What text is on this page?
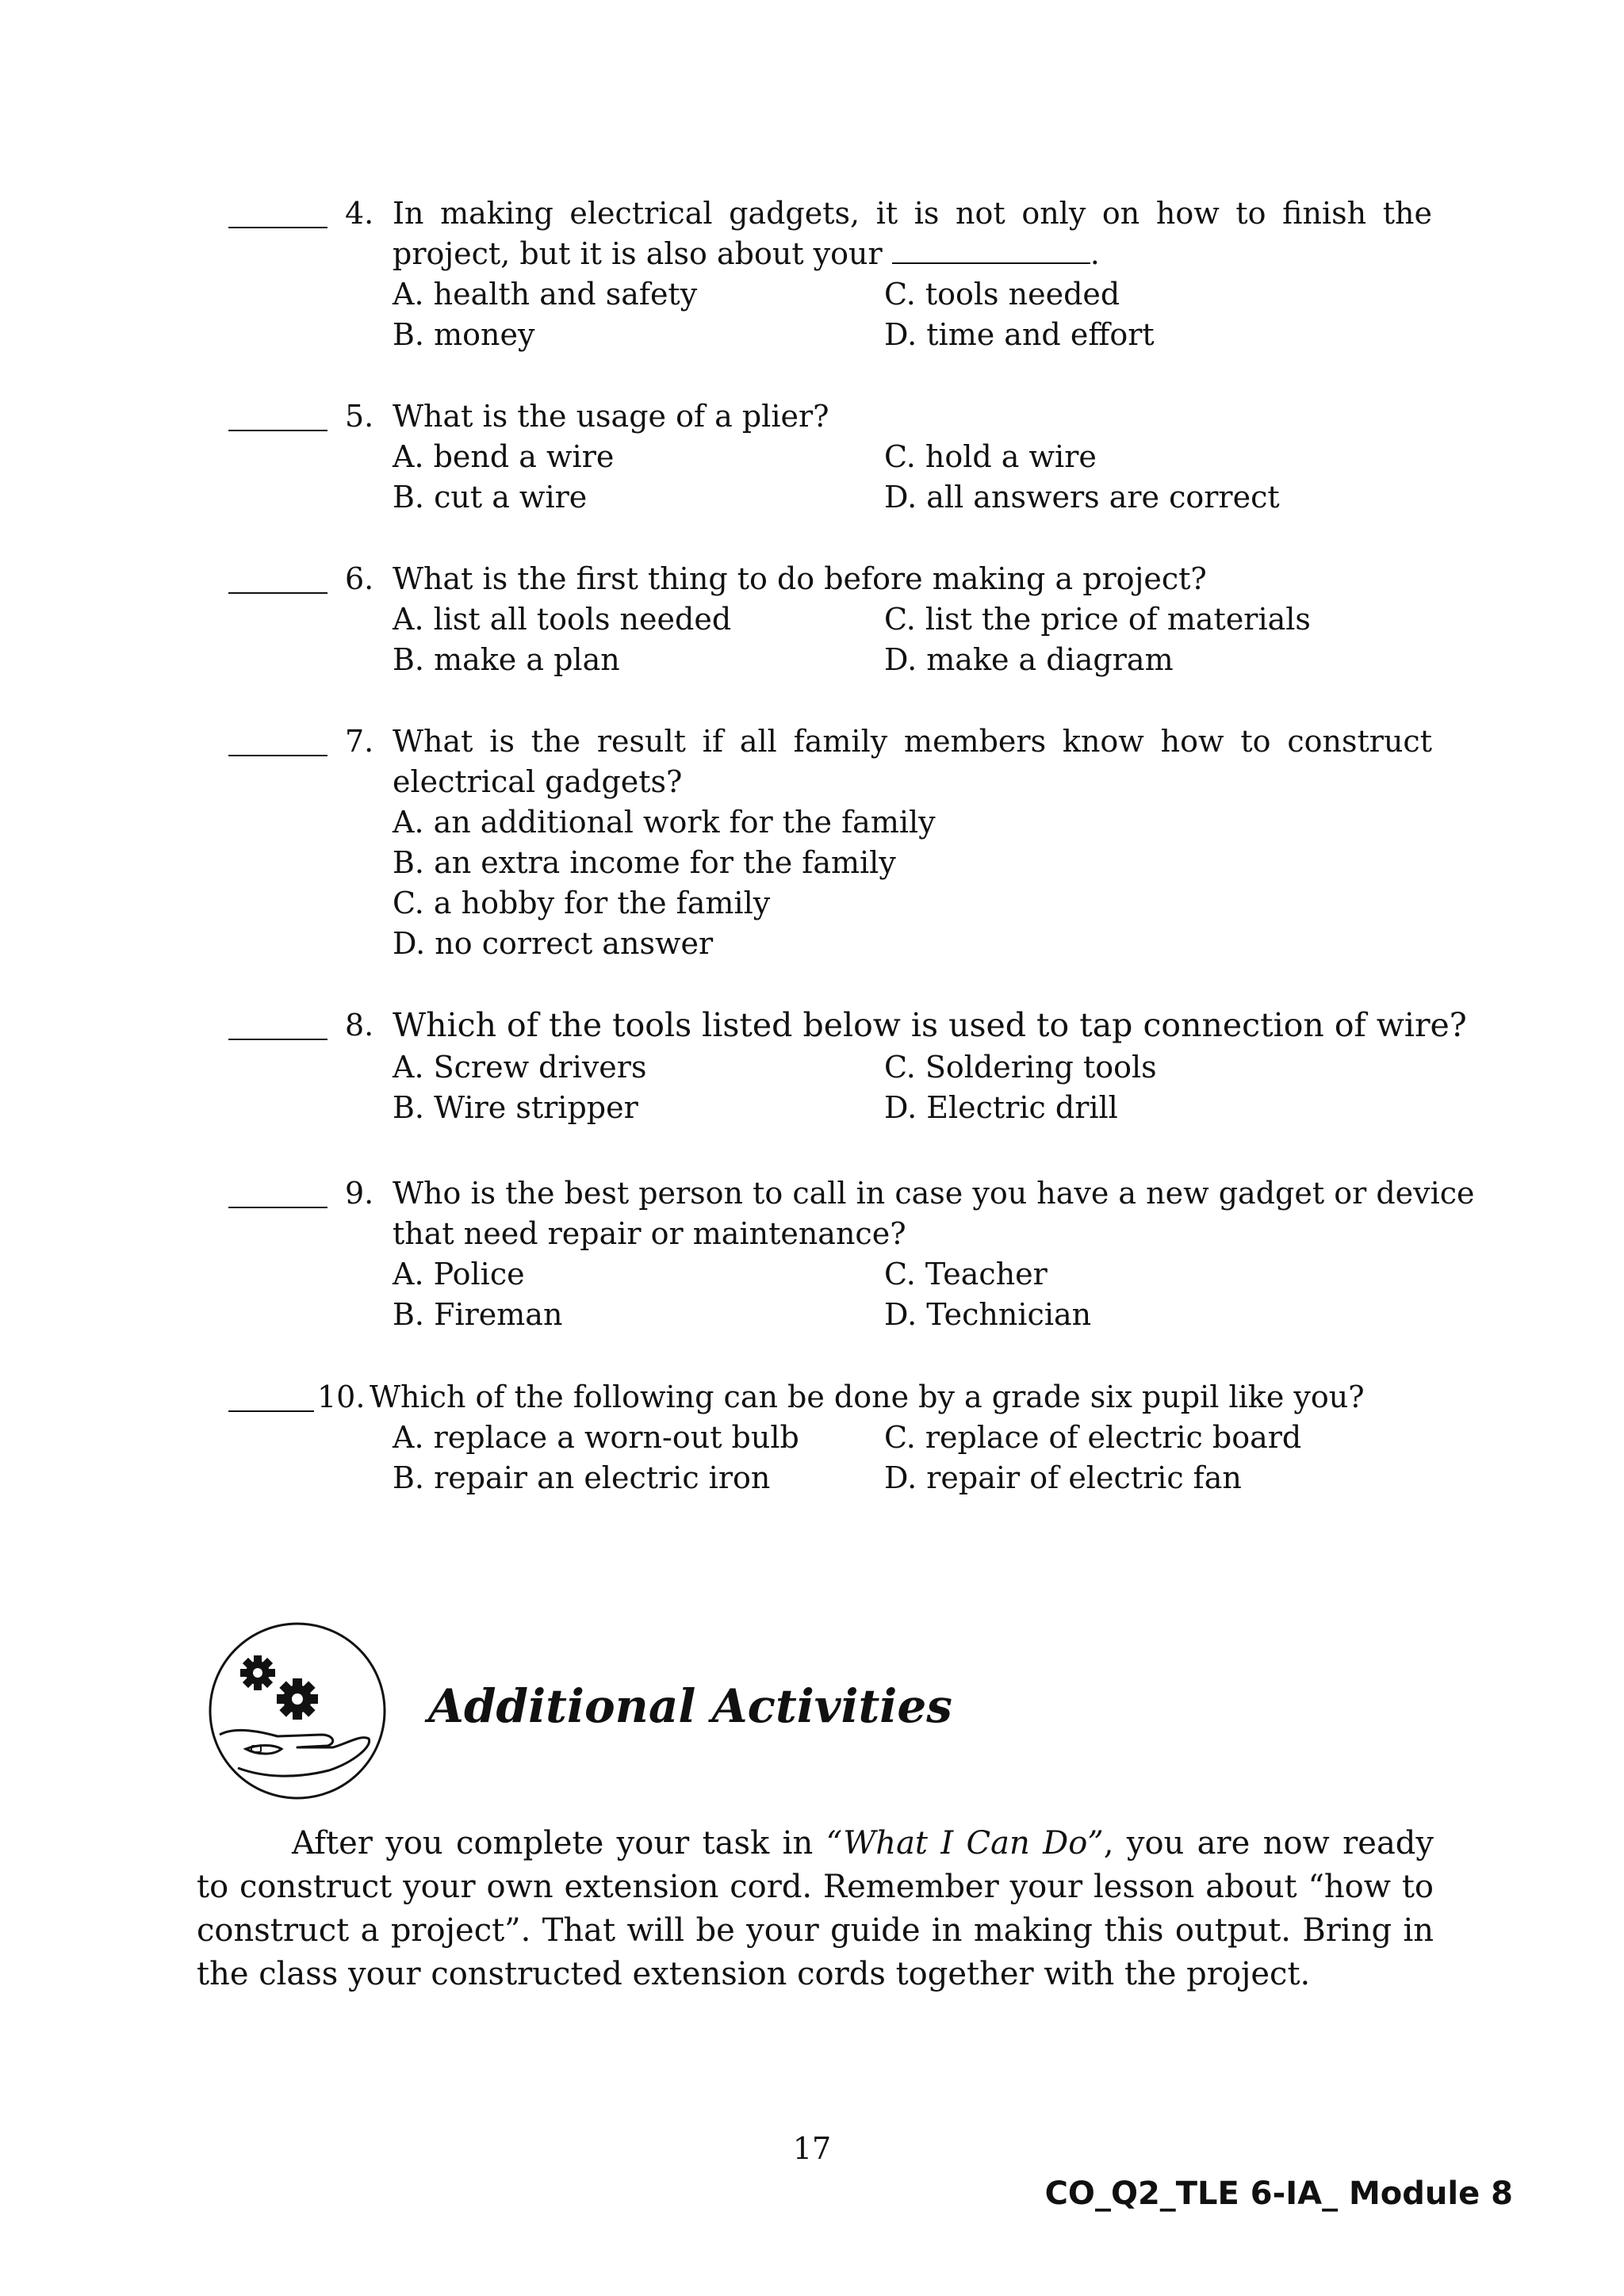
4. In making electrical gadgets, it is not only on how to finish the
project, but it is also about your	.
A. health and safety	C. tools needed
B. money	D. time and effort
5. What is the usage of a plier?
A. bend a wire	C. hold a wire
B. cut a wire	D. all answers are correct
6. What is the first thing to do before making a project?
A. list all tools needed	C. list the price of materials
B. make a plan	D. make a diagram
7. What is the result if all family members know how to construct
electrical gadgets?
A. an additional work for the family
B. an extra income for the family
C. a hobby for the family
D. no correct answer
8. Which of the tools listed below is used to tap connection of wire?
A. Screw drivers	C. Soldering tools
B. Wire stripper	D. Electric drill
9. Who is the best person to call in case you have a new gadget or device
that need repair or maintenance?
A. Police	C. Teacher
B. Fireman	D. Technician
10. Which of the following can be done by a grade six pupil like you?
A. replace a worn-out bulb	C. replace of electric board
B. repair an electric iron	D. repair of electric fan
Additional Activities

After you complete your task in “What I Can Do”, you are now ready to construct your own extension cord. Remember your lesson about “how to construct a project”. That will be your guide in making this output. Bring in the class your constructed extension cords together with the project.

17
CO_Q2_TLE 6-IA_ Module 8
